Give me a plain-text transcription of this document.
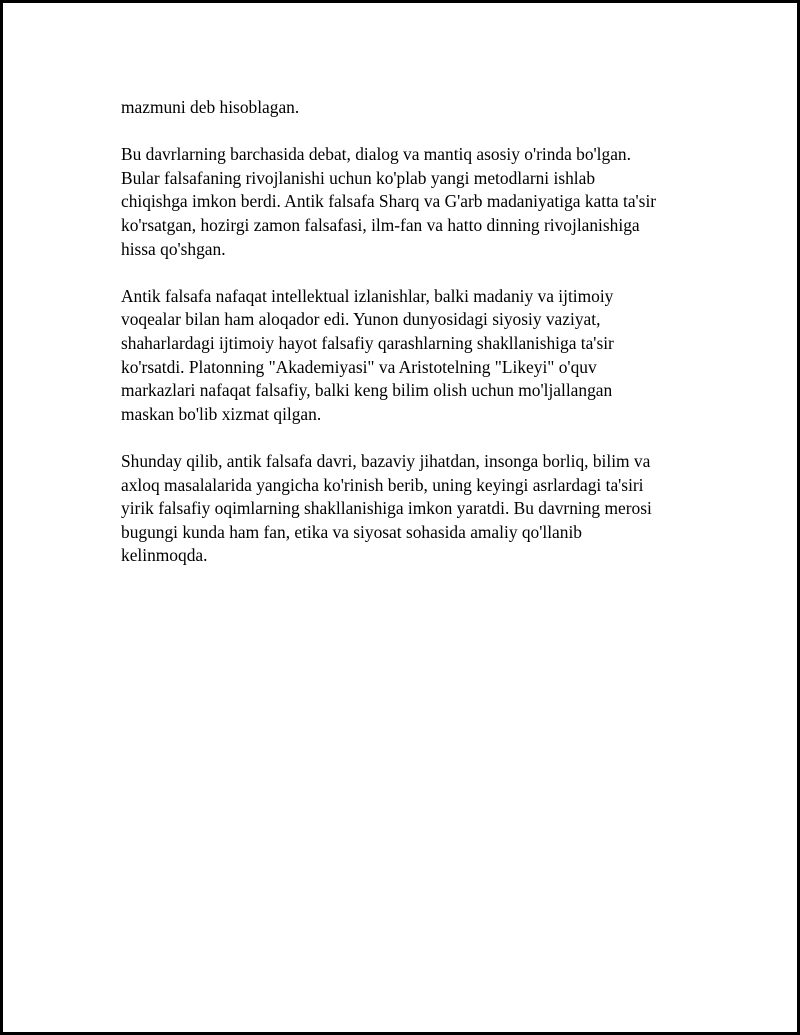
mazmuni deb hisoblagan.

Bu davrlarning barchasida debat, dialog va mantiq asosiy o'rinda bo'lgan.
Bular falsafaning rivojlanishi uchun ko'plab yangi metodlarni ishlab
chiqishga imkon berdi. Antik falsafa Sharq va G'arb madaniyatiga katta ta'sir
ko'rsatgan, hozirgi zamon falsafasi, ilm-fan va hatto dinning rivojlanishiga
hissa qo'shgan.

Antik falsafa nafaqat intellektual izlanishlar, balki madaniy va ijtimoiy
voqealar bilan ham aloqador edi. Yunon dunyosidagi siyosiy vaziyat,
shaharlardagi ijtimoiy hayot falsafiy qarashlarning shakllanishiga ta'sir
ko'rsatdi. Platonning "Akademiyasi" va Aristotelning "Likeyi" o'quv
markazlari nafaqat falsafiy, balki keng bilim olish uchun mo'ljallangan
maskan bo'lib xizmat qilgan.

Shunday qilib, antik falsafa davri, bazaviy jihatdan, insonga borliq, bilim va
axloq masalalarida yangicha ko'rinish berib, uning keyingi asrlardagi ta'siri
yirik falsafiy oqimlarning shakllanishiga imkon yaratdi. Bu davrning merosi
bugungi kunda ham fan, etika va siyosat sohasida amaliy qo'llanib
kelinmoqda.
